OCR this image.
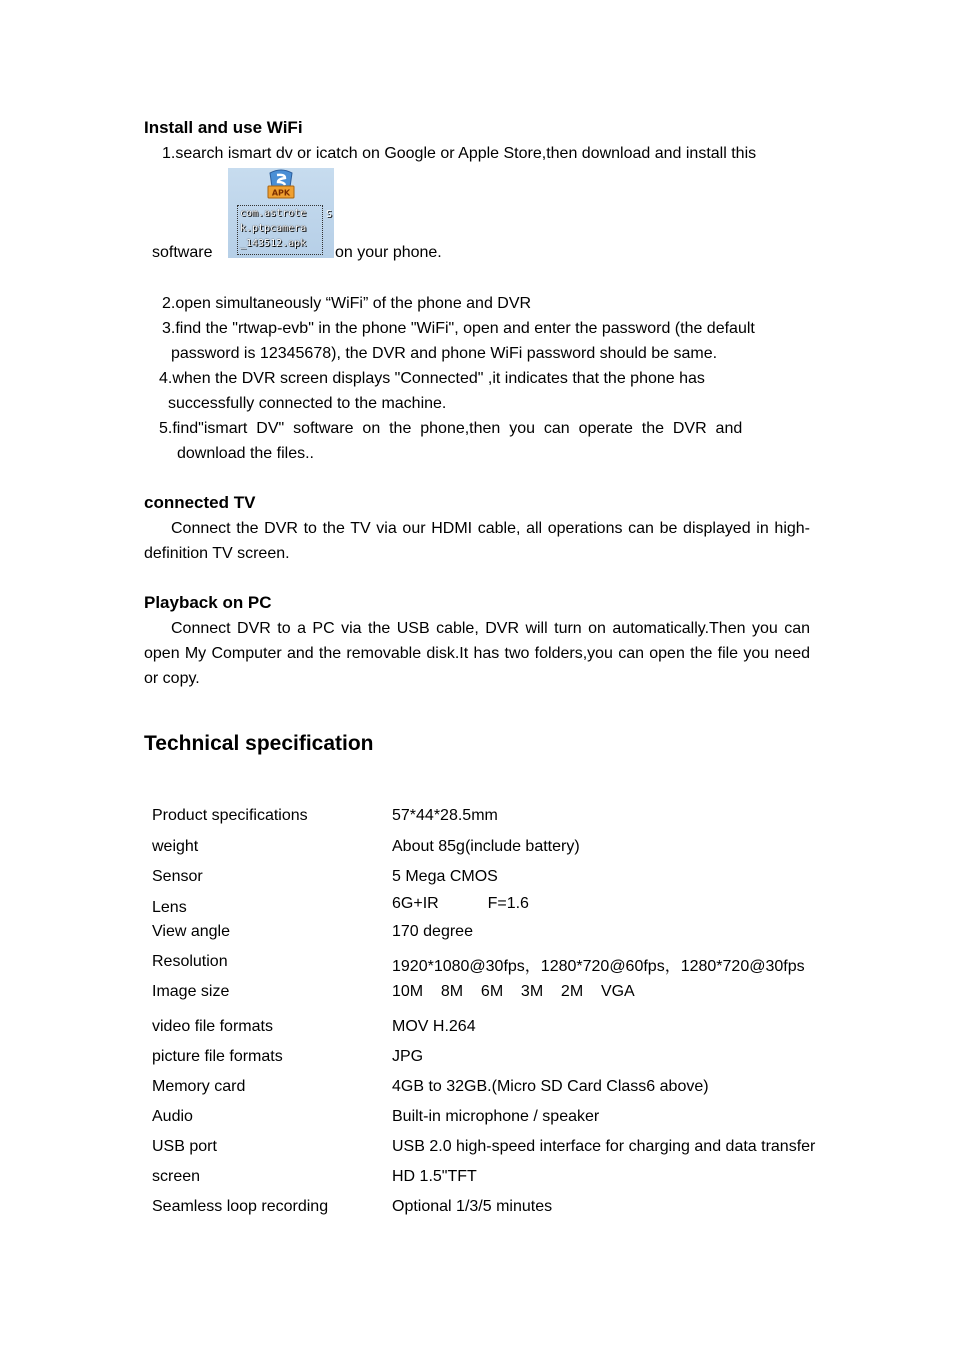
Install and use WiFi
1.search ismart dv or icatch on Google or Apple Store,then download and install this
software
APK
com.astrote
k.ptpcamera
_143512.apk
S
on your phone.
2.open simultaneously “WiFi” of the phone and DVR
3.find the "rtwap-evb" in the phone "WiFi", open and enter the password (the default
password is 12345678), the DVR and phone WiFi password should be same.
4.when the DVR screen displays "Connected" ,it indicates that the phone has
successfully connected to the machine.
5.find"ismart  DV"  software  on  the  phone,then  you  can  operate  the  DVR  and
download the files..
connected TV
Connect the DVR to the TV via our HDMI cable, all operations can be displayed in high-definition TV screen.
Playback on PC
Connect DVR to a PC via the USB cable, DVR will turn on automatically.Then you can open My Computer and the removable disk.It has two folders,you can open the file you need or copy.
Technical specification
Product specifications	57*44*28.5mm
weight	About 85g(include battery)
Sensor	5 Mega CMOS
Lens	6G+IR           F=1.6
View angle	170 degree
Resolution	1920*1080@30fps，1280*720@60fps，1280*720@30fps
Image size	10M    8M    6M    3M    2M    VGA
video file formats	MOV H.264
picture file formats	JPG
Memory card	4GB to 32GB.(Micro SD Card Class6 above)
Audio	Built-in microphone / speaker
USB port	USB 2.0 high-speed interface for charging and data transfer
screen	HD 1.5"TFT
Seamless loop recording	Optional 1/3/5 minutes
